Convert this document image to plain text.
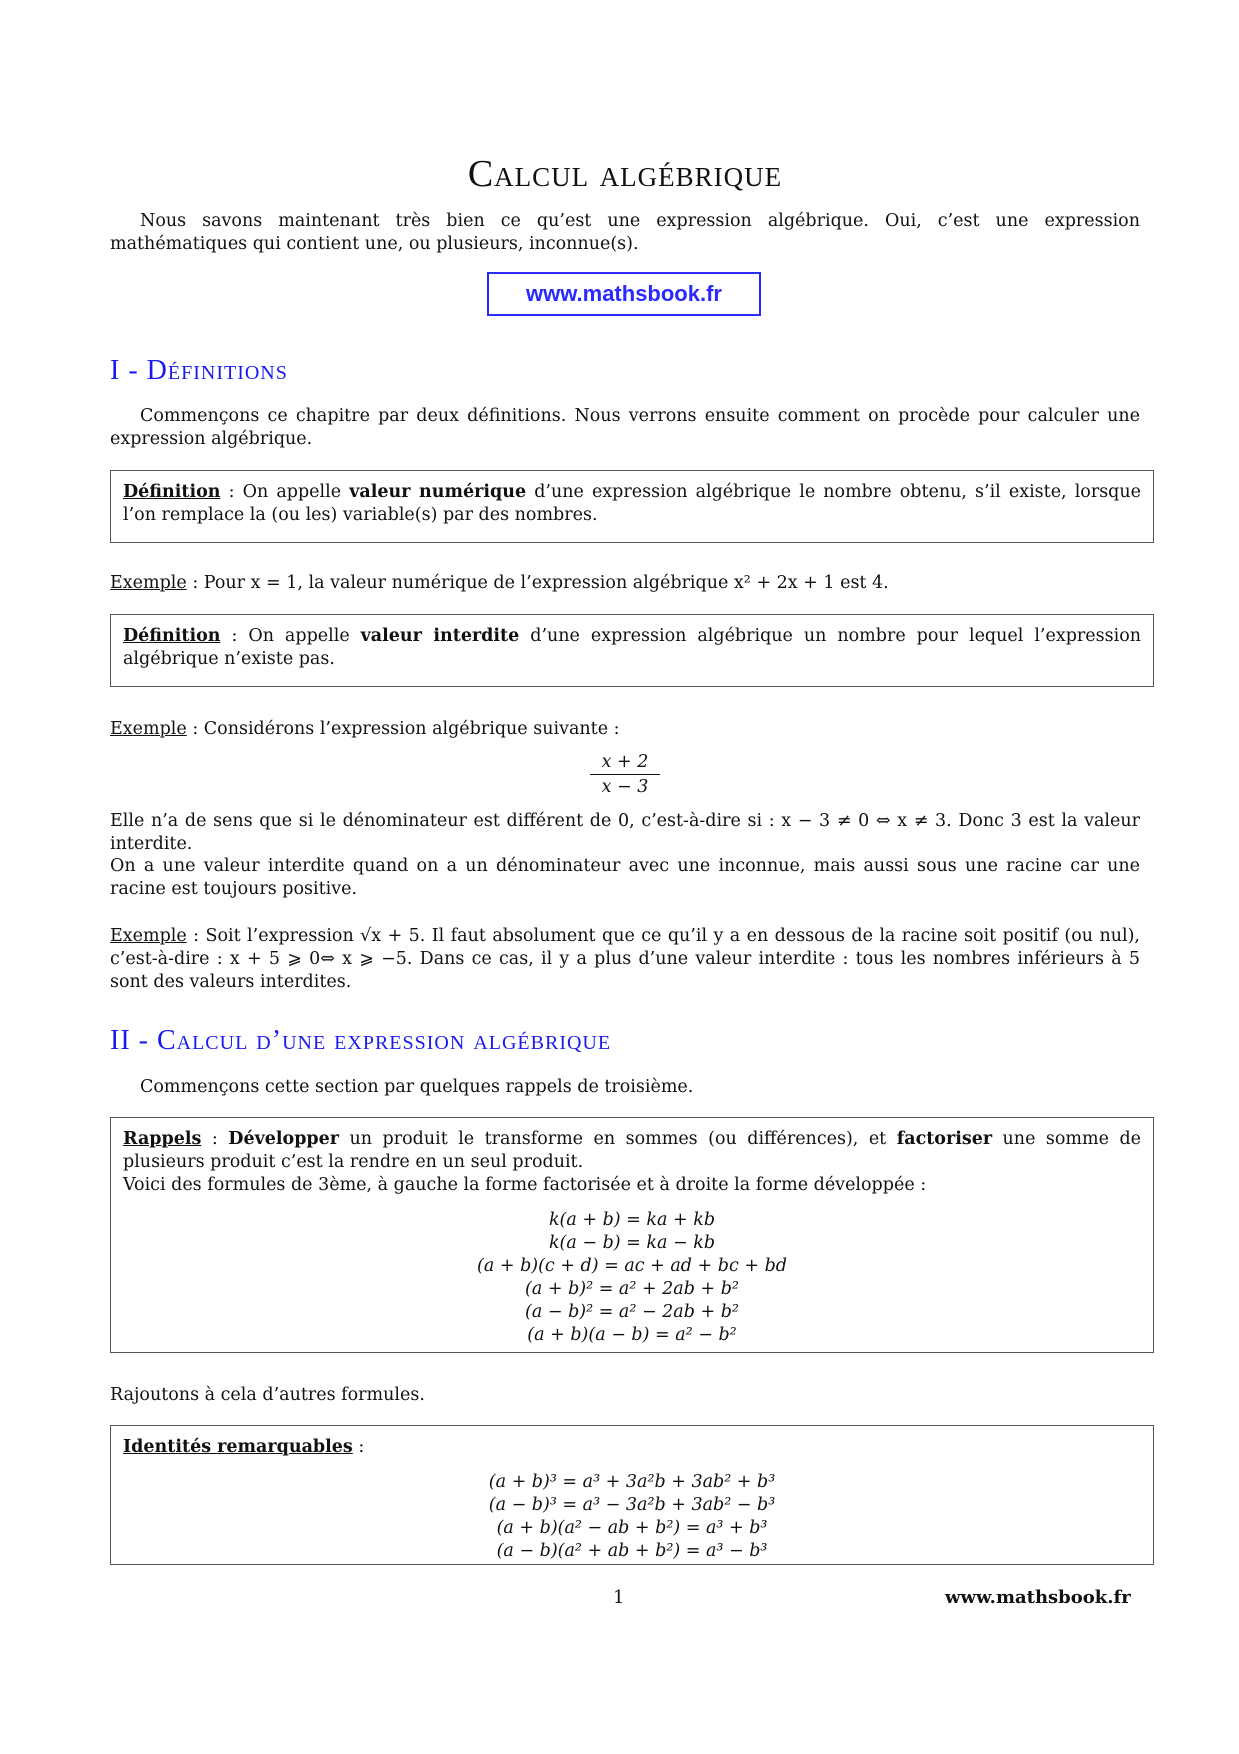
Calcul algébrique

Nous savons maintenant très bien ce qu’est une expression algébrique. Oui, c’est une expression mathématiques qui contient une, ou plusieurs, inconnue(s).

www.mathsbook.fr
I - Définitions

Commençons ce chapitre par deux définitions. Nous verrons ensuite comment on procède pour calculer une expression algébrique.

Définition : On appelle valeur numérique d’une expression algébrique le nombre obtenu, s’il existe, lorsque l’on remplace la (ou les) variable(s) par des nombres.

Exemple : Pour x = 1, la valeur numérique de l’expression algébrique x² + 2x + 1 est 4.

Définition : On appelle valeur interdite d’une expression algébrique un nombre pour lequel l’expression algébrique n’existe pas.

Exemple : Considérons l’expression algébrique suivante :

$\frac{x + 2}{x - 3}$

Elle n’a de sens que si le dénominateur est différent de 0, c’est-à-dire si : x − 3 ≠ 0 ⇔ x ≠ 3. Donc 3 est la valeur interdite.

On a une valeur interdite quand on a un dénominateur avec une inconnue, mais aussi sous une racine car une racine est toujours positive.

Exemple : Soit l’expression √x + 5. Il faut absolument que ce qu’il y a en dessous de la racine soit positif (ou nul), c’est-à-dire : x + 5 ⩾ 0⇔ x ⩾ −5. Dans ce cas, il y a plus d’une valeur interdite : tous les nombres inférieurs à 5 sont des valeurs interdites.

II - Calcul d’une expression algébrique

Commençons cette section par quelques rappels de troisième.

Rappels : Développer un produit le transforme en sommes (ou différences), et factoriser une somme de plusieurs produit c’est la rendre en un seul produit.

Voici des formules de 3ème, à gauche la forme factorisée et à droite la forme développée :

k(a + b) = ka + kb
k(a − b) = ka − kb
(a + b)(c + d) = ac + ad + bc + bd
(a + b)² = a² + 2ab + b²
(a − b)² = a² − 2ab + b²
(a + b)(a − b) = a² − b²

Rajoutons à cela d’autres formules.

Identités remarquables :

(a + b)³ = a³ + 3a²b + 3ab² + b³
(a − b)³ = a³ − 3a²b + 3ab² − b³
(a + b)(a² − ab + b²) = a³ + b³
(a − b)(a² + ab + b²) = a³ − b³
1	www.mathsbook.fr
